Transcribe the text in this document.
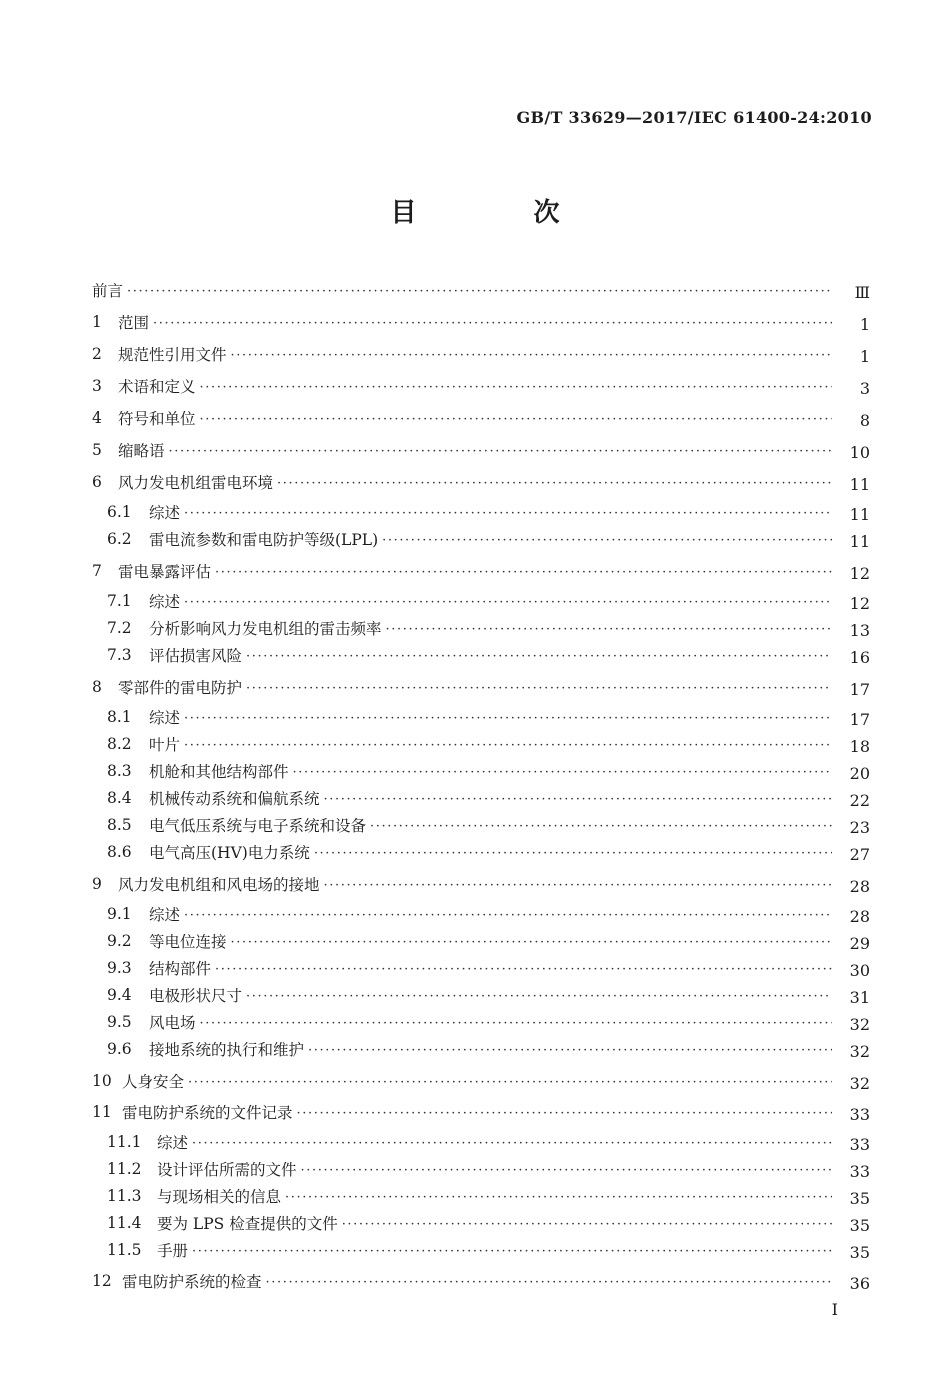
GB/T 33629—2017/IEC 61400-24:2010
目 次
前言 ·····	Ⅲ
1	范围 ·····	1
2	规范性引用文件 ·····	1
3	术语和定义 ·····	3
4	符号和单位 ·····	8
5	缩略语 ·····	10
6	风力发电机组雷电环境 ·····	11
6.1	综述 ·····	11
6.2	雷电流参数和雷电防护等级(LPL) ·····	11
7	雷电暴露评估 ·····	12
7.1	综述 ·····	12
7.2	分析影响风力发电机组的雷击频率 ·····	13
7.3	评估损害风险 ·····	16
8	零部件的雷电防护 ·····	17
8.1	综述 ·····	17
8.2	叶片 ·····	18
8.3	机舱和其他结构部件 ·····	20
8.4	机械传动系统和偏航系统 ·····	22
8.5	电气低压系统与电子系统和设备 ·····	23
8.6	电气高压(HV)电力系统 ·····	27
9	风力发电机组和风电场的接地 ·····	28
9.1	综述 ·····	28
9.2	等电位连接 ·····	29
9.3	结构部件 ·····	30
9.4	电极形状尺寸 ·····	31
9.5	风电场 ·····	32
9.6	接地系统的执行和维护 ·····	32
10 人身安全 ·····	32
11 雷电防护系统的文件记录 ·····	33
11.1 综述 ·····	33
11.2 设计评估所需的文件 ·····	33
11.3 与现场相关的信息 ·····	35
11.4 要为 LPS 检查提供的文件 ·····	35
11.5 手册 ·····	35
12 雷电防护系统的检查 ·····	36
I
